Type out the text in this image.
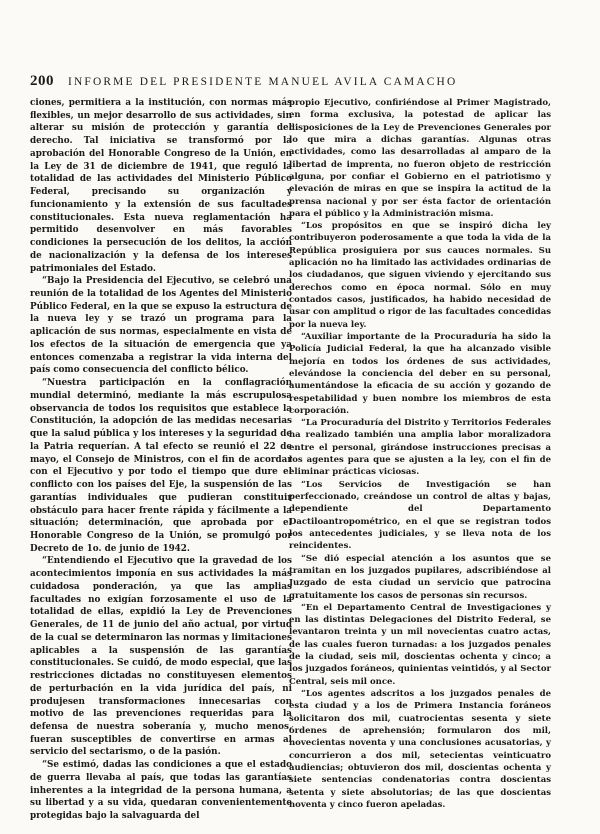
200 INFORME DEL PRESIDENTE MANUEL AVILA CAMACHO

ciones, permitiera a la institución, con normas más flexibles, un mejor desarrollo de sus actividades, sin alterar su misión de protección y garantía del derecho. Tal iniciativa se transformó por la aprobación del Honorable Congreso de la Unión, en la Ley de 31 de diciembre de 1941, que reguló la totalidad de las actividades del Ministerio Público Federal, precisando su organización y funcionamiento y la extensión de sus facultades constitucionales. Esta nueva reglamentación ha permitido desenvolver en más favorables condiciones la persecución de los delitos, la acción de nacionalización y la defensa de los intereses patrimoniales del Estado.

“Bajo la Presidencia del Ejecutivo, se celebró una reunión de la totalidad de los Agentes del Ministerio Público Federal, en la que se expuso la estructura de la nueva ley y se trazó un programa para la aplicación de sus normas, especialmente en vista de los efectos de la situación de emergencia que ya entonces comenzaba a registrar la vida interna del país como consecuencia del conflicto bélico.

“Nuestra participación en la conflagración mundial determinó, mediante la más escrupulosa observancia de todos los requisitos que establece la Constitución, la adopción de las medidas necesarias que la salud pública y los intereses y la seguridad de la Patria requerían. A tal efecto se reunió el 22 de mayo, el Consejo de Ministros, con el fin de acordar con el Ejecutivo y por todo el tiempo que dure el conflicto con los países del Eje, la suspensión de las garantías individuales que pudieran constituir obstáculo para hacer frente rápida y fácilmente a la situación; determinación, que aprobada por el Honorable Congreso de la Unión, se promulgó por Decreto de 1o. de junio de 1942.

“Entendiendo el Ejecutivo que la gravedad de los acontecimientos imponía en sus actividades la más cuidadosa ponderación, ya que las amplias facultades no exigían forzosamente el uso de la totalidad de ellas, expidió la Ley de Prevenciones Generales, de 11 de junio del año actual, por virtud de la cual se determinaron las normas y limitaciones aplicables a la suspensión de las garantías constitucionales. Se cuidó, de modo especial, que las restricciones dictadas no constituyesen elementos de perturbación en la vida jurídica del país, ni produjesen transformaciones innecesarias con motivo de las prevenciones requeridas para la defensa de nuestra soberanía y, mucho menos, fueran susceptibles de convertirse en armas al servicio del sectarismo, o de la pasión.

“Se estimó, dadas las condiciones a que el estado de guerra llevaba al país, que todas las garantías inherentes a la integridad de la persona humana, a su libertad y a su vida, quedaran convenientemente protegidas bajo la salvaguarda del

propio Ejecutivo, confiriéndose al Primer Magistrado, en forma exclusiva, la potestad de aplicar las disposiciones de la Ley de Prevenciones Generales por lo que mira a dichas garantías. Algunas otras actividades, como las desarrolladas al amparo de la libertad de imprenta, no fueron objeto de restricción alguna, por confiar el Gobierno en el patriotismo y elevación de miras en que se inspira la actitud de la prensa nacional y por ser ésta factor de orientación para el público y la Administración misma.

“Los propósitos en que se inspiró dicha ley contribuyeron poderosamente a que toda la vida de la República prosiguiera por sus cauces normales. Su aplicación no ha limitado las actividades ordinarias de los ciudadanos, que siguen viviendo y ejercitando sus derechos como en época normal. Sólo en muy contados casos, justificados, ha habido necesidad de usar con amplitud o rigor de las facultades concedidas por la nueva ley.

“Auxiliar importante de la Procuraduría ha sido la Policía Judicial Federal, la que ha alcanzado visible mejoría en todos los órdenes de sus actividades, elevándose la conciencia del deber en su personal, aumentándose la eficacia de su acción y gozando de respetabilidad y buen nombre los miembros de esta corporación.

“La Procuraduría del Distrito y Territorios Federales ha realizado también una amplia labor moralizadora entre el personal, girándose instrucciones precisas a los agentes para que se ajusten a la ley, con el fin de eliminar prácticas viciosas.

“Los Servicios de Investigación se han perfeccionado, creándose un control de altas y bajas, dependiente del Departamento Dactiloantropométrico, en el que se registran todos los antecedentes judiciales, y se lleva nota de los reincidentes.

“Se dió especial atención a los asuntos que se tramitan en los juzgados pupilares, adscribiéndose al Juzgado de esta ciudad un servicio que patrocina gratuitamente los casos de personas sin recursos.

“En el Departamento Central de Investigaciones y en las distintas Delegaciones del Distrito Federal, se levantaron treinta y un mil novecientas cuatro actas, de las cuales fueron turnadas: a los juzgados penales de la ciudad, seis mil, doscientas ochenta y cinco; a los juzgados foráneos, quinientas veintidós, y al Sector Central, seis mil once.

“Los agentes adscritos a los juzgados penales de esta ciudad y a los de Primera Instancia foráneos solicitaron dos mil, cuatrocientas sesenta y siete órdenes de aprehensión; formularon dos mil, novecientas noventa y una conclusiones acusatorias, y concurrieron a dos mil, setecientas veinticuatro audiencias; obtuvieron dos mil, doscientas ochenta y siete sentencias condenatorias contra doscientas setenta y siete absolutorias; de las que doscientas noventa y cinco fueron apeladas.
